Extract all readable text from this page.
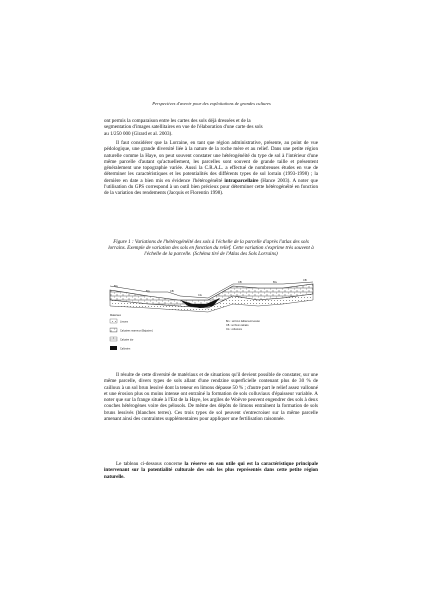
Perspectives d'avenir pour des exploitations de grandes cultures
ont permis la comparaison entre les cartes des sols déjà dressées et de la
segmentation d'images satellitaires en vue de l'élaboration d'une carte des sols
au 1/250 000 (Girard et al. 2003).

Il faut considérer que la Lorraine, en tant que région administrative, présente, au point de vue pédologique, une grande diversité liée à la nature de la roche mère et au relief. Dans une petite région naturelle comme la Haye, on peut souvent constater une hétérogénéité du type de sol à l'intérieur d'une même parcelle d'autant qu'actuellement, les parcelles sont souvent de grande taille et présentent généralement une topographie variée. Aussi la C.R.A.L. a effectué de nombreuses études en vue de déterminer les caractéristiques et les potentialités des différents types de sol lorrain (1993-1998) ; la dernière en date a bien mis en évidence l'hétérogénéité intraparcellaire (Hance 2003). A noter que l'utilisation du GPS correspond à un outil bien précieux pour déterminer cette hétérogénéité en fonction de la variation des rendements (Jacquis et Florentin 1998).

Figure 1 : Variations de l'hétérogénéité des sols à l'échelle de la parcelle d'après l'atlas des sols lorrains. Exemple de variation des sols en fonction du relief. Cette variation s'exprime très souvent à l'échelle de la parcelle. (Schéma tiré de l'Atlas des Sols Lorrains)
Bru
Bru	CB
Cls
CB	Bru
CB
Matériaux
Limons
Calcaires marneux (Bajocien)
Calcaire dur
Callovien
Bru : sol brun faiblement lessivé
CB : sol brun calcaire
Cls : colluvions

Il résulte de cette diversité de matériaux et de situations qu'il devient possible de constater, sur une même parcelle, divers types de sols allant d'une rendzine superficielle contenant plus de 30 % de cailloux à un sol brun lessivé dont la teneur en limons dépasse 50 % ; d'autre part le relief assez vallonné et une érosion plus ou moins intense ont entraîné la formation de sols colluviaux d'épaisseur variable. A noter que sur la frange située à l'Est de la Haye, les argiles de Woëvre peuvent engendrer des sols à deux couches hétérogènes voire des pélosols. De même des dépôts de limons entraînent la formation de sols bruns lessivés (blanches terres). Ces trois types de sol peuvent s'entrecroiser sur la même parcelle amenant ainsi des contraintes supplémentaires pour appliquer une fertilisation raisonnée.

Le tableau ci-dessous concerne la réserve en eau utile qui est la caractéristique principale intervenant sur la potentialité culturale des sols les plus représentés dans cette petite région naturelle.
